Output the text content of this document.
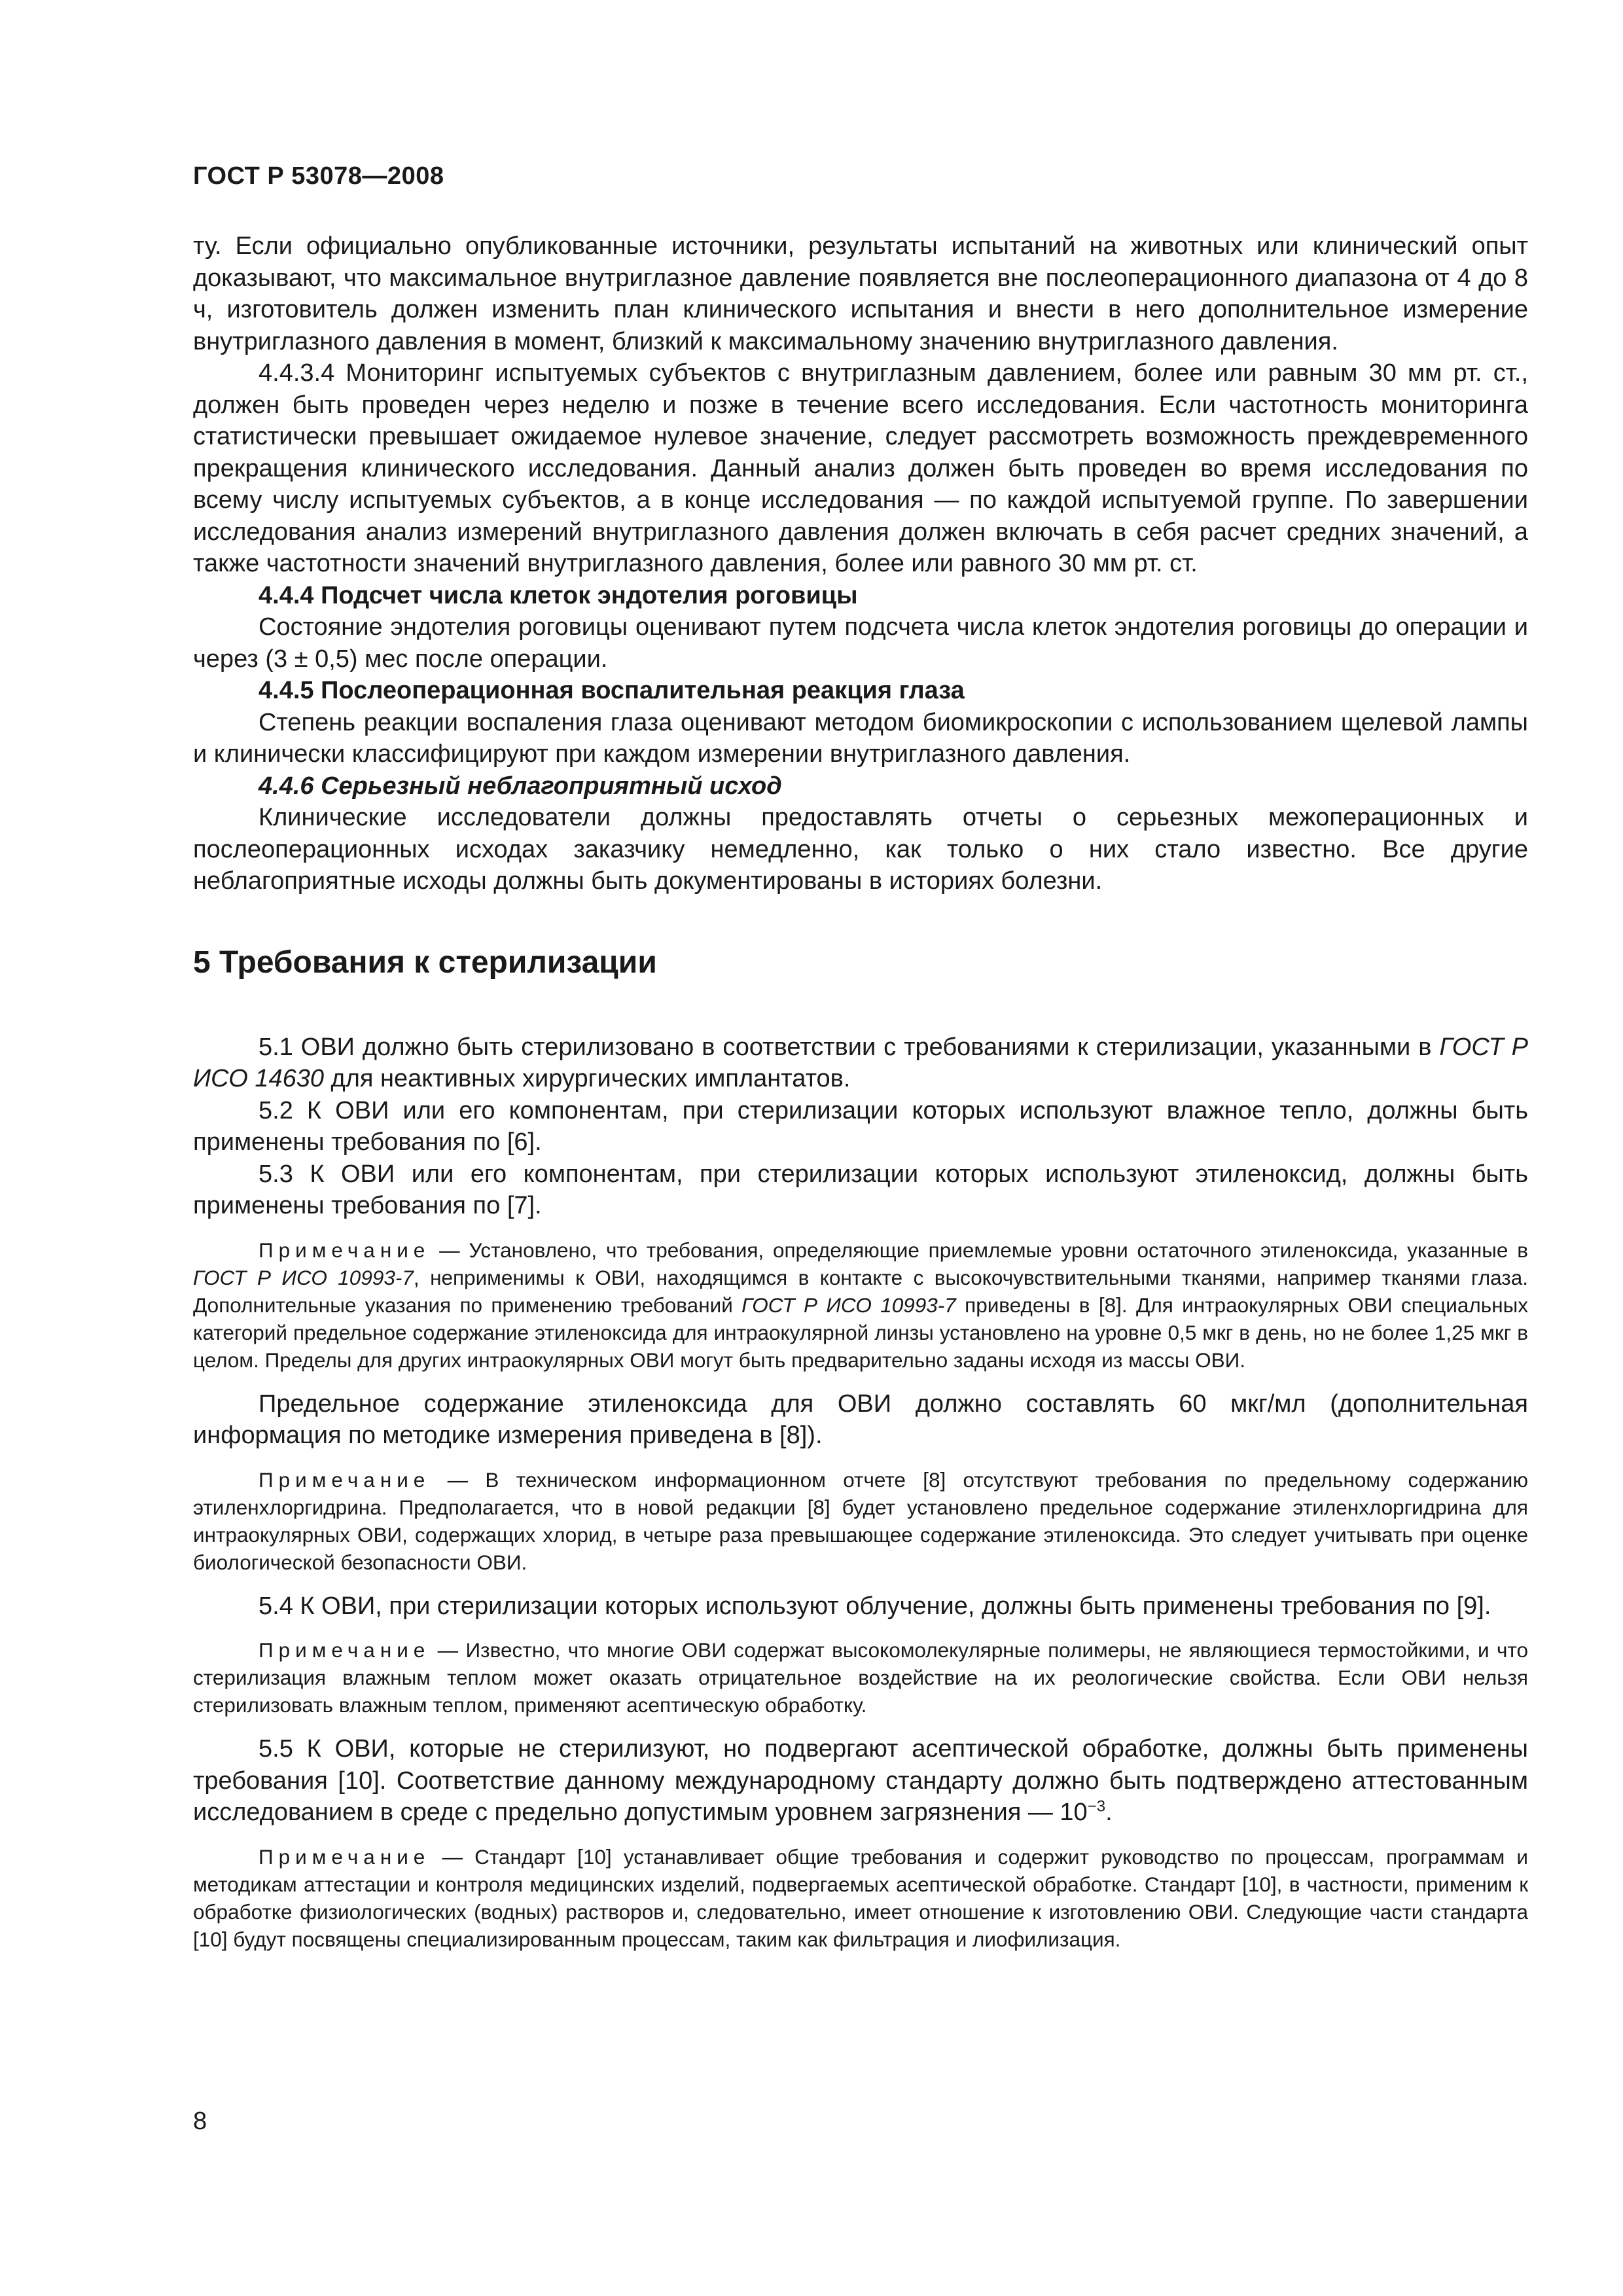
ГОСТ Р 53078—2008

ту. Если официально опубликованные источники, результаты испытаний на животных или клинический опыт доказывают, что максимальное внутриглазное давление появляется вне послеоперационного диапазона от 4 до 8 ч, изготовитель должен изменить план клинического испытания и внести в него дополнительное измерение внутриглазного давления в момент, близкий к максимальному значению внутриглазного давления.

4.4.3.4 Мониторинг испытуемых субъектов с внутриглазным давлением, более или равным 30 мм рт. ст., должен быть проведен через неделю и позже в течение всего исследования. Если частотность мониторинга статистически превышает ожидаемое нулевое значение, следует рассмотреть возможность преждевременного прекращения клинического исследования. Данный анализ должен быть проведен во время исследования по всему числу испытуемых субъектов, а в конце исследования — по каждой испытуемой группе. По завершении исследования анализ измерений внутриглазного давления должен включать в себя расчет средних значений, а также частотности значений внутриглазного давления, более или равного 30 мм рт. ст.

4.4.4 Подсчет числа клеток эндотелия роговицы

Состояние эндотелия роговицы оценивают путем подсчета числа клеток эндотелия роговицы до операции и через (3 ± 0,5) мес после операции.

4.4.5 Послеоперационная воспалительная реакция глаза

Степень реакции воспаления глаза оценивают методом биомикроскопии с использованием щелевой лампы и клинически классифицируют при каждом измерении внутриглазного давления.

4.4.6 Серьезный неблагоприятный исход

Клинические исследователи должны предоставлять отчеты о серьезных межоперационных и послеоперационных исходах заказчику немедленно, как только о них стало известно. Все другие неблагоприятные исходы должны быть документированы в историях болезни.

5 Требования к стерилизации

5.1 ОВИ должно быть стерилизовано в соответствии с требованиями к стерилизации, указанными в ГОСТ Р ИСО 14630 для неактивных хирургических имплантатов.

5.2 К ОВИ или его компонентам, при стерилизации которых используют влажное тепло, должны быть применены требования по [6].

5.3 К ОВИ или его компонентам, при стерилизации которых используют этиленоксид, должны быть применены требования по [7].

Примечание — Установлено, что требования, определяющие приемлемые уровни остаточного этиленоксида, указанные в ГОСТ Р ИСО 10993-7, неприменимы к ОВИ, находящимся в контакте с высокочувствительными тканями, например тканями глаза. Дополнительные указания по применению требований ГОСТ Р ИСО 10993-7 приведены в [8]. Для интраокулярных ОВИ специальных категорий предельное содержание этиленоксида для интраокулярной линзы установлено на уровне 0,5 мкг в день, но не более 1,25 мкг в целом. Пределы для других интраокулярных ОВИ могут быть предварительно заданы исходя из массы ОВИ.

Предельное содержание этиленоксида для ОВИ должно составлять 60 мкг/мл (дополнительная информация по методике измерения приведена в [8]).

Примечание — В техническом информационном отчете [8] отсутствуют требования по предельному содержанию этиленхлоргидрина. Предполагается, что в новой редакции [8] будет установлено предельное содержание этиленхлоргидрина для интраокулярных ОВИ, содержащих хлорид, в четыре раза превышающее содержание этиленоксида. Это следует учитывать при оценке биологической безопасности ОВИ.

5.4 К ОВИ, при стерилизации которых используют облучение, должны быть применены требования по [9].

Примечание — Известно, что многие ОВИ содержат высокомолекулярные полимеры, не являющиеся термостойкими, и что стерилизация влажным теплом может оказать отрицательное воздействие на их реологические свойства. Если ОВИ нельзя стерилизовать влажным теплом, применяют асептическую обработку.

5.5 К ОВИ, которые не стерилизуют, но подвергают асептической обработке, должны быть применены требования [10]. Соответствие данному международному стандарту должно быть подтверждено аттестованным исследованием в среде с предельно допустимым уровнем загрязнения — $10^{-3}$.

Примечание — Стандарт [10] устанавливает общие требования и содержит руководство по процессам, программам и методикам аттестации и контроля медицинских изделий, подвергаемых асептической обработке. Стандарт [10], в частности, применим к обработке физиологических (водных) растворов и, следовательно, имеет отношение к изготовлению ОВИ. Следующие части стандарта [10] будут посвящены специализированным процессам, таким как фильтрация и лиофилизация.

8
